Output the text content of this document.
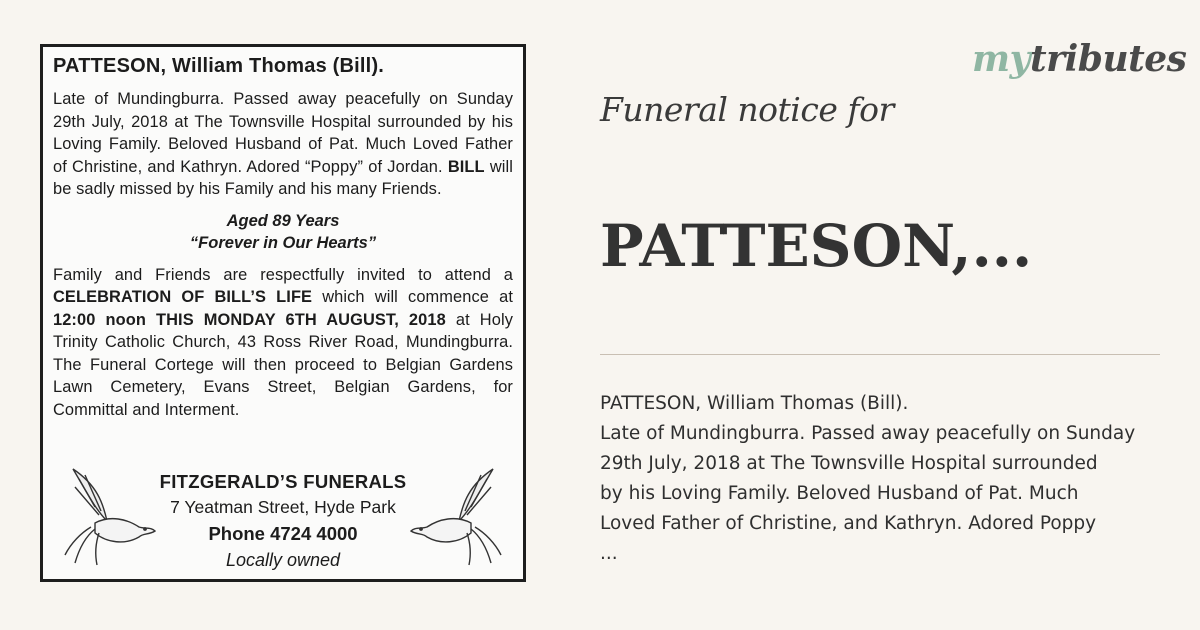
PATTESON, William Thomas (Bill).

Late of Mundingburra. Passed away peacefully on Sunday 29th July, 2018 at The Townsville Hospital surrounded by his Loving Family. Beloved Husband of Pat. Much Loved Father of Christine, and Kathryn. Adored “Poppy” of Jordan. BILL will be sadly missed by his Family and his many Friends.

Aged 89 Years
“Forever in Our Hearts”

Family and Friends are respectfully invited to attend a CELEBRATION OF BILL’S LIFE which will commence at 12:00 noon THIS MONDAY 6TH AUGUST, 2018 at Holy Trinity Catholic Church, 43 Ross River Road, Mundingburra. The Funeral Cortege will then proceed to Belgian Gardens Lawn Cemetery, Evans Street, Belgian Gardens, for Committal and Interment.

FITZGERALD’S FUNERALS
7 Yeatman Street, Hyde Park
Phone 4724 4000
Locally owned
mytributes
Funeral notice for
PATTESON,...
PATTESON, William Thomas (Bill).
Late of Mundingburra. Passed away peacefully on Sunday
29th July, 2018 at The Townsville Hospital surrounded
by his Loving Family. Beloved Husband of Pat. Much
Loved Father of Christine, and Kathryn. Adored Poppy
...
